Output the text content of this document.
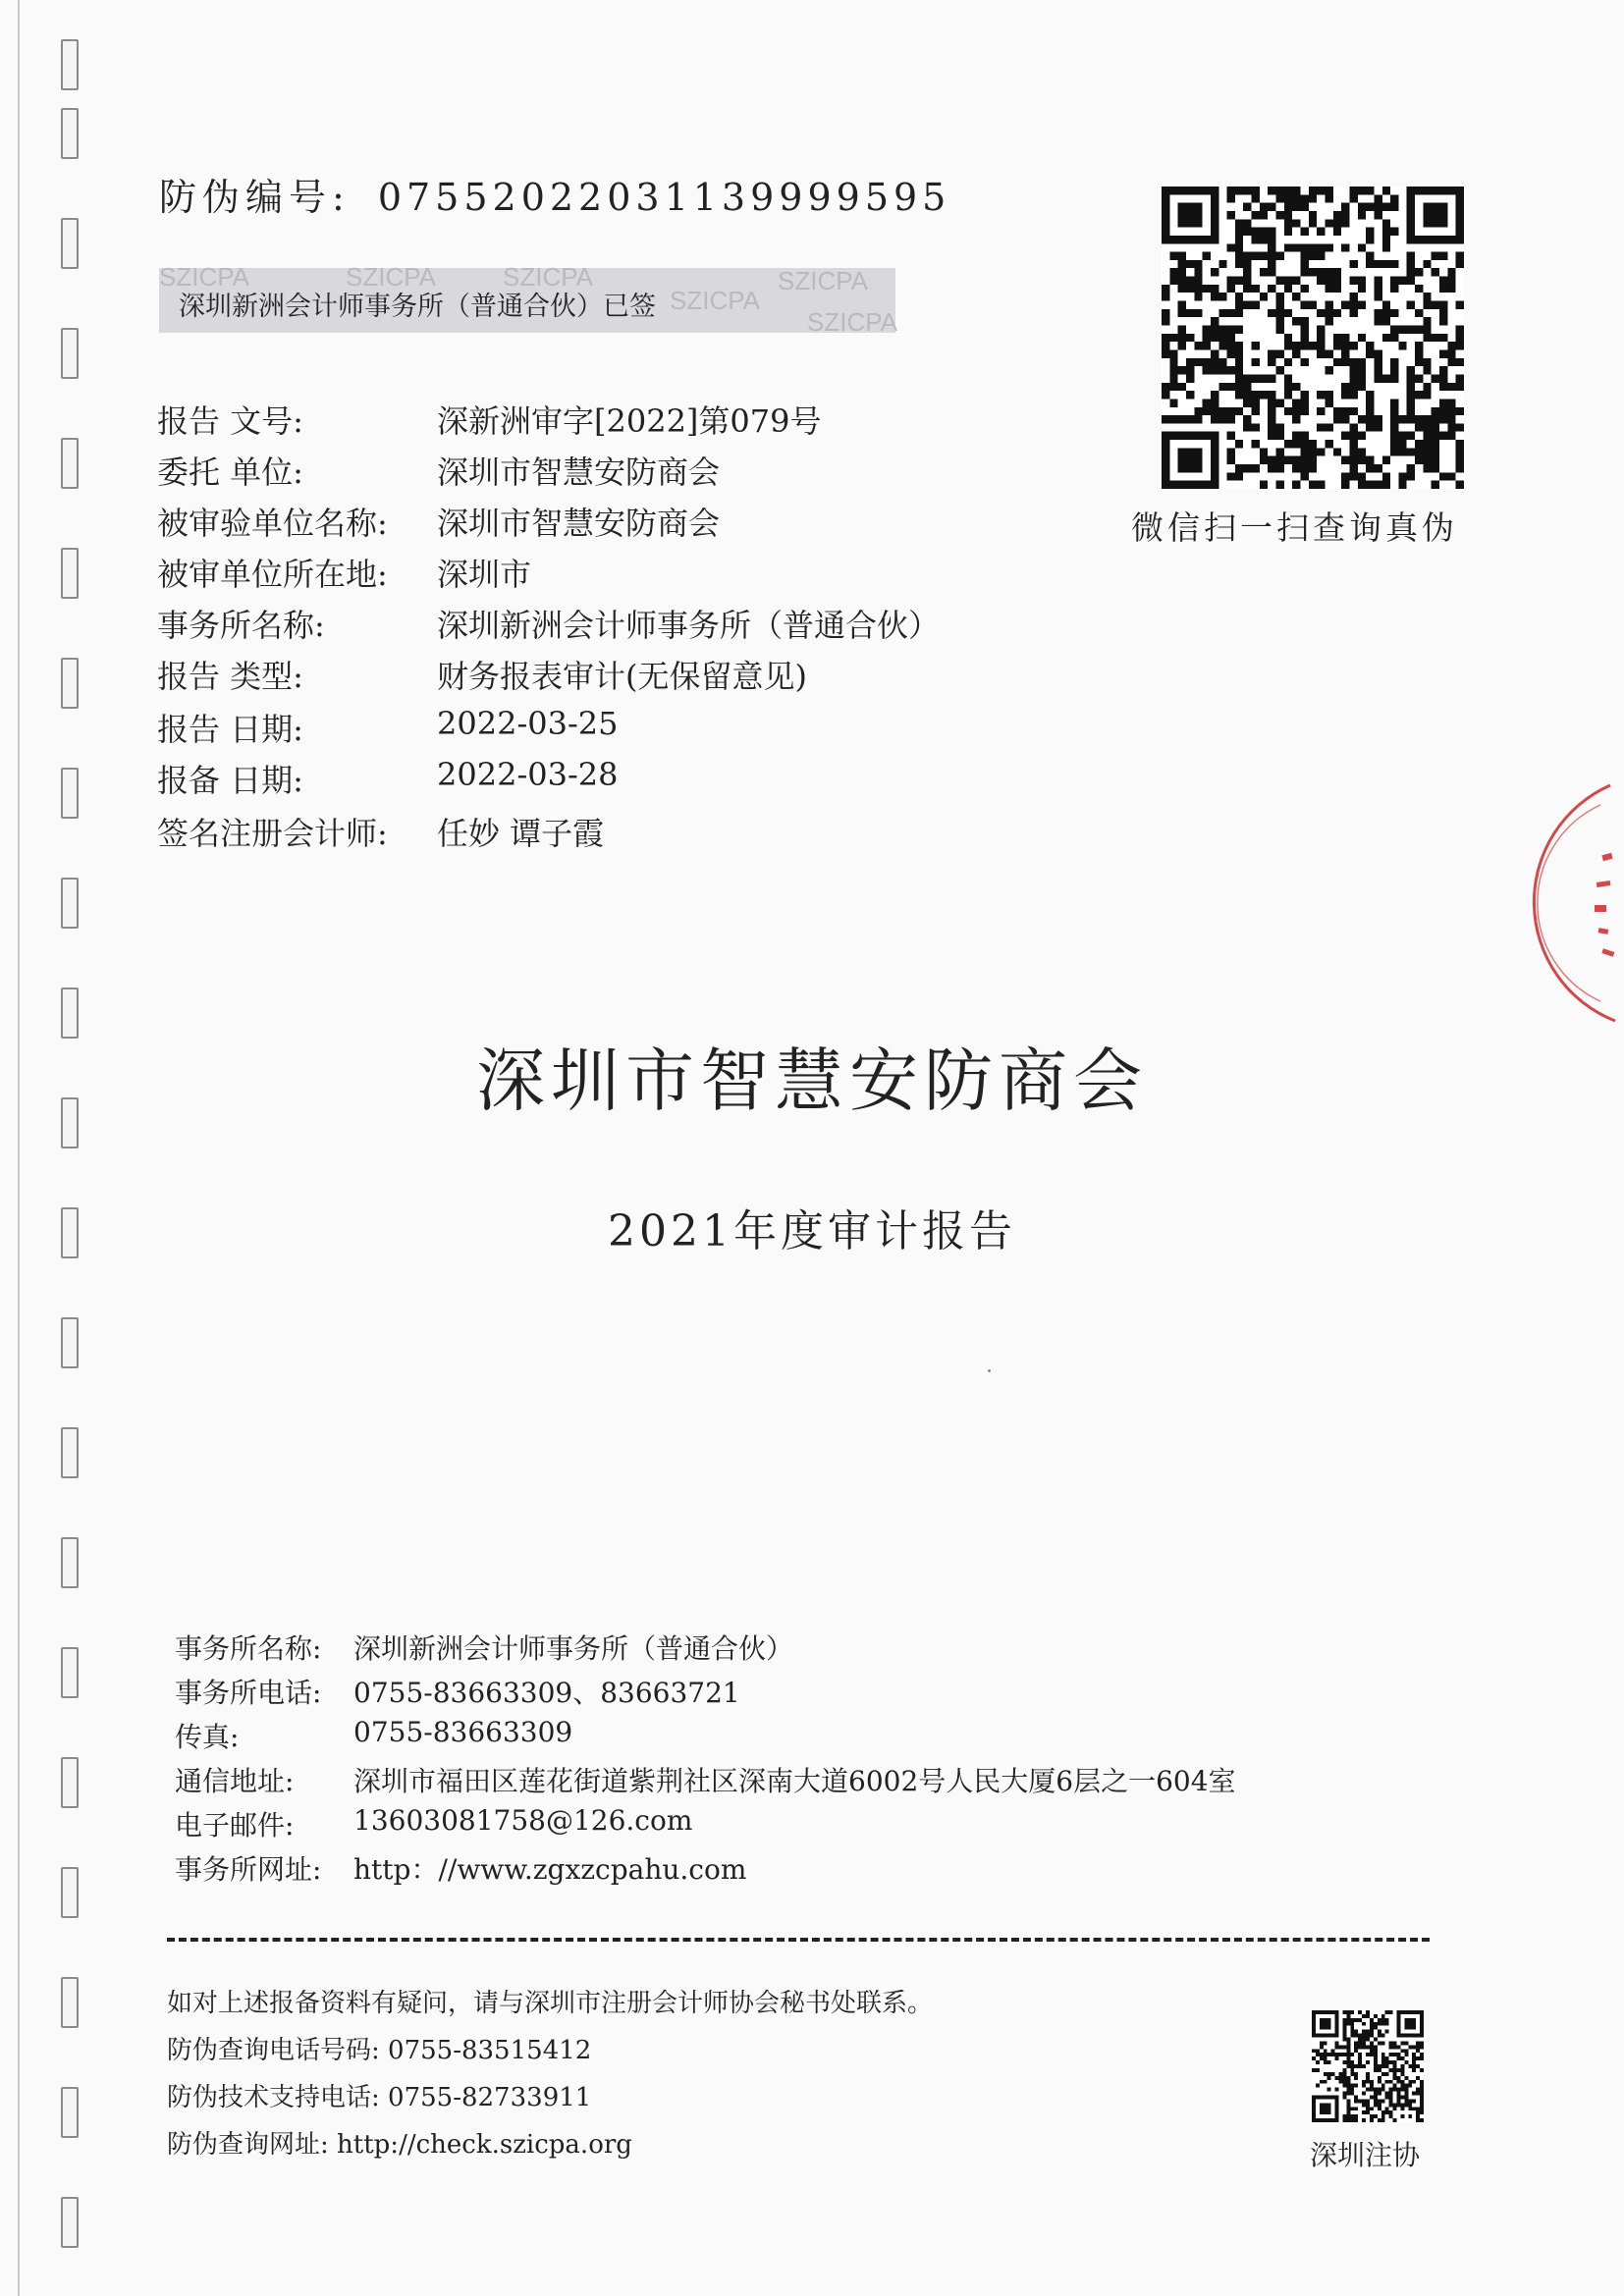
防伪编号: 07552022031139999595
SZICPA	SZICPA	SZICPA
SZICPA
SZICPA
SZICPA
深圳新洲会计师事务所（普通合伙）已签
报告 文号:	深新洲审字[2022]第079号
委托 单位:	深圳市智慧安防商会
被审验单位名称: 深圳市智慧安防商会
被审单位所在地: 深圳市
事务所名称:	深圳新洲会计师事务所（普通合伙）
报告 类型:	财务报表审计(无保留意见)
报告 日期:	2022-03-25
报备 日期:	2022-03-28
签名注册会计师: 任妙 谭子霞
微信扫一扫查询真伪
深圳市智慧安防商会
2021年度审计报告
事务所名称: 深圳新洲会计师事务所（普通合伙）
事务所电话: 0755-83663309、83663721
传真:	0755-83663309
通信地址: 深圳市福田区莲花街道紫荆社区深南大道6002号人民大厦6层之一604室
电子邮件: 13603081758@126.com
事务所网址: http：//www.zgxzcpahu.com
如对上述报备资料有疑问，请与深圳市注册会计师协会秘书处联系。
防伪查询电话号码: 0755-83515412
防伪技术支持电话: 0755-82733911
防伪查询网址: http://check.szicpa.org	深圳注协
